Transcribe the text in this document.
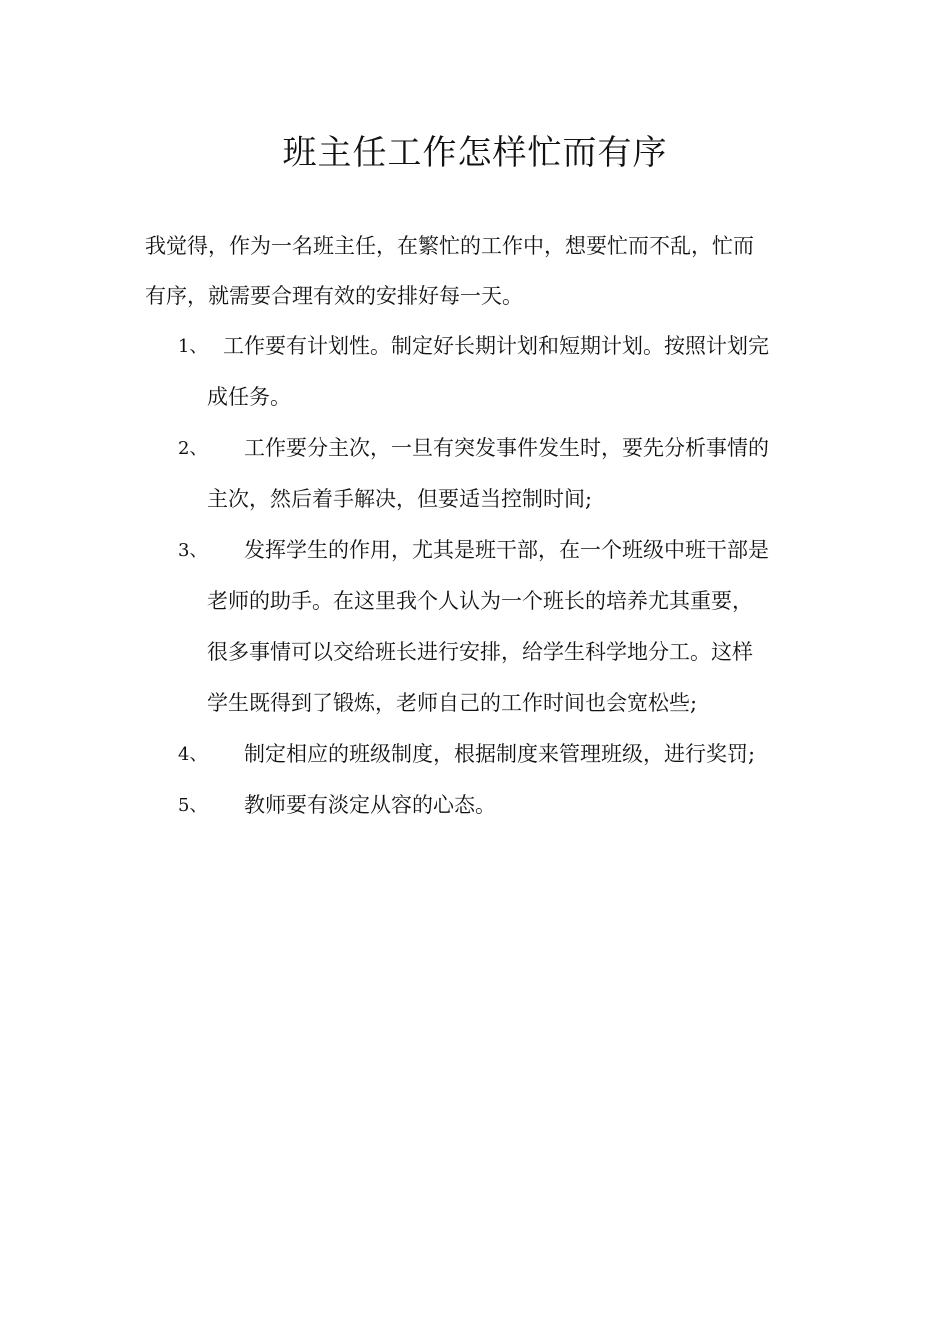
班主任工作怎样忙而有序
我觉得，作为一名班主任，在繁忙的工作中，想要忙而不乱，忙而
有序，就需要合理有效的安排好每一天。
1、 工作要有计划性。制定好长期计划和短期计划。按照计划完
成任务。
2、	工作要分主次，一旦有突发事件发生时，要先分析事情的
主次，然后着手解决，但要适当控制时间;
3、	发挥学生的作用，尤其是班干部，在一个班级中班干部是
老师的助手。在这里我个人认为一个班长的培养尤其重要，
很多事情可以交给班长进行安排，给学生科学地分工。这样
学生既得到了锻炼，老师自己的工作时间也会宽松些;
4、	制定相应的班级制度，根据制度来管理班级，进行奖罚;
5、	教师要有淡定从容的心态。
